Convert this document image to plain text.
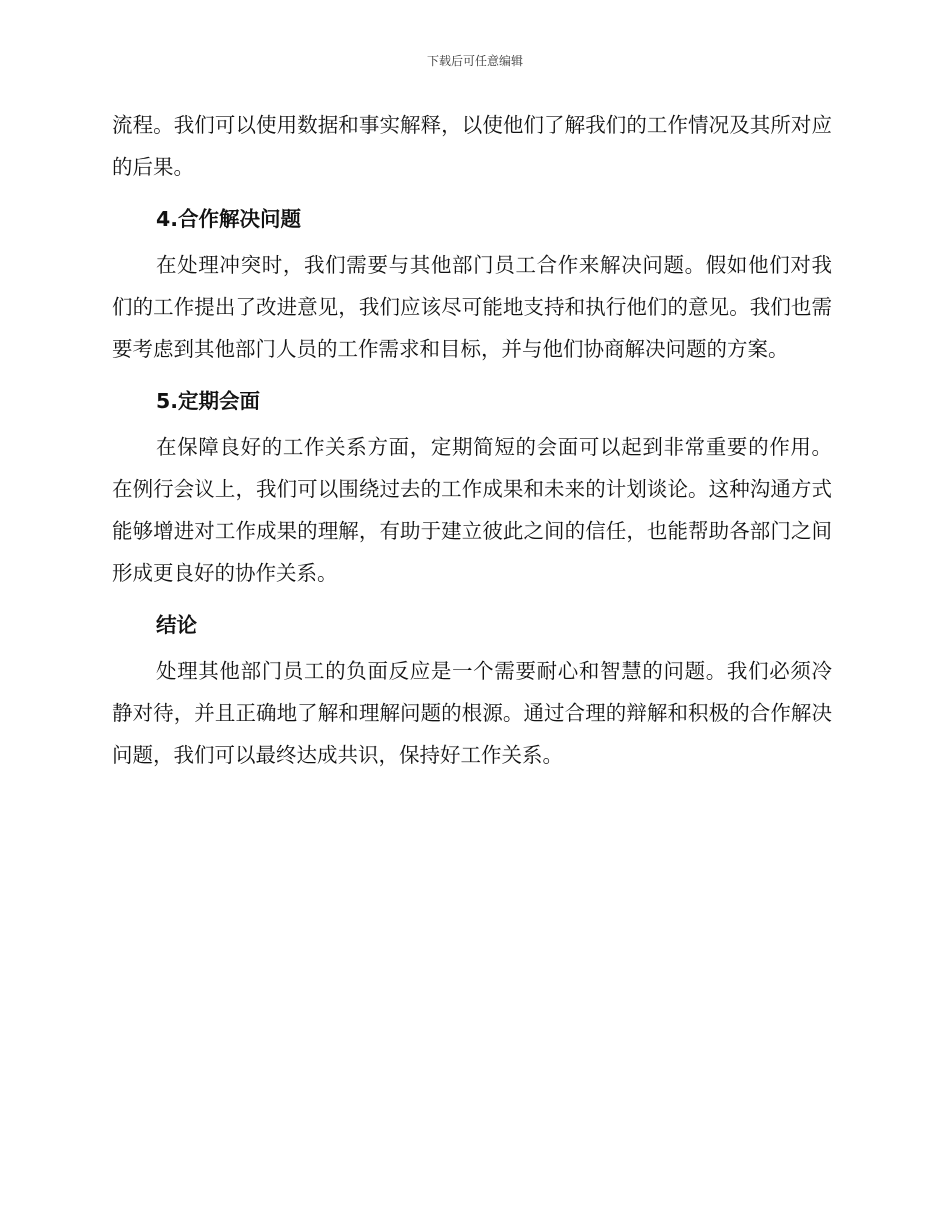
下载后可任意编辑

流程。我们可以使用数据和事实解释，以使他们了解我们的工作情况及其所对应的后果。

4.合作解决问题

在处理冲突时，我们需要与其他部门员工合作来解决问题。假如他们对我们的工作提出了改进意见，我们应该尽可能地支持和执行他们的意见。我们也需要考虑到其他部门人员的工作需求和目标，并与他们协商解决问题的方案。

5.定期会面

在保障良好的工作关系方面，定期简短的会面可以起到非常重要的作用。在例行会议上，我们可以围绕过去的工作成果和未来的计划谈论。这种沟通方式能够增进对工作成果的理解，有助于建立彼此之间的信任，也能帮助各部门之间形成更良好的协作关系。

结论

处理其他部门员工的负面反应是一个需要耐心和智慧的问题。我们必须冷静对待，并且正确地了解和理解问题的根源。通过合理的辩解和积极的合作解决问题，我们可以最终达成共识，保持好工作关系。
